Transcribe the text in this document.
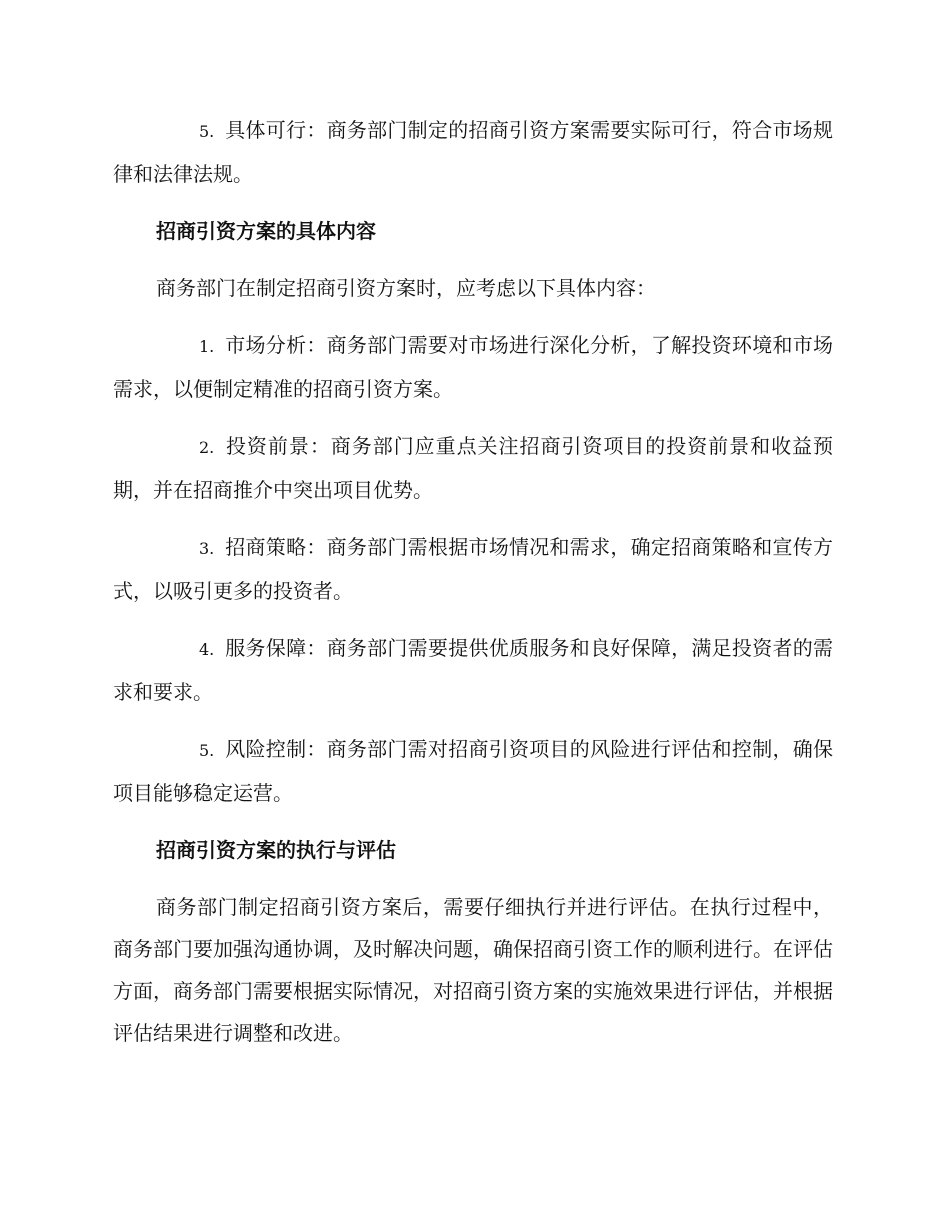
5. 具体可行：商务部门制定的招商引资方案需要实际可行，符合市场规律和法律法规。

招商引资方案的具体内容

商务部门在制定招商引资方案时，应考虑以下具体内容：

1. 市场分析：商务部门需要对市场进行深化分析，了解投资环境和市场需求，以便制定精准的招商引资方案。

2. 投资前景：商务部门应重点关注招商引资项目的投资前景和收益预期，并在招商推介中突出项目优势。

3. 招商策略：商务部门需根据市场情况和需求，确定招商策略和宣传方式，以吸引更多的投资者。

4. 服务保障：商务部门需要提供优质服务和良好保障，满足投资者的需求和要求。

5. 风险控制：商务部门需对招商引资项目的风险进行评估和控制，确保项目能够稳定运营。

招商引资方案的执行与评估

商务部门制定招商引资方案后，需要仔细执行并进行评估。在执行过程中，商务部门要加强沟通协调，及时解决问题，确保招商引资工作的顺利进行。在评估方面，商务部门需要根据实际情况，对招商引资方案的实施效果进行评估，并根据评估结果进行调整和改进。
